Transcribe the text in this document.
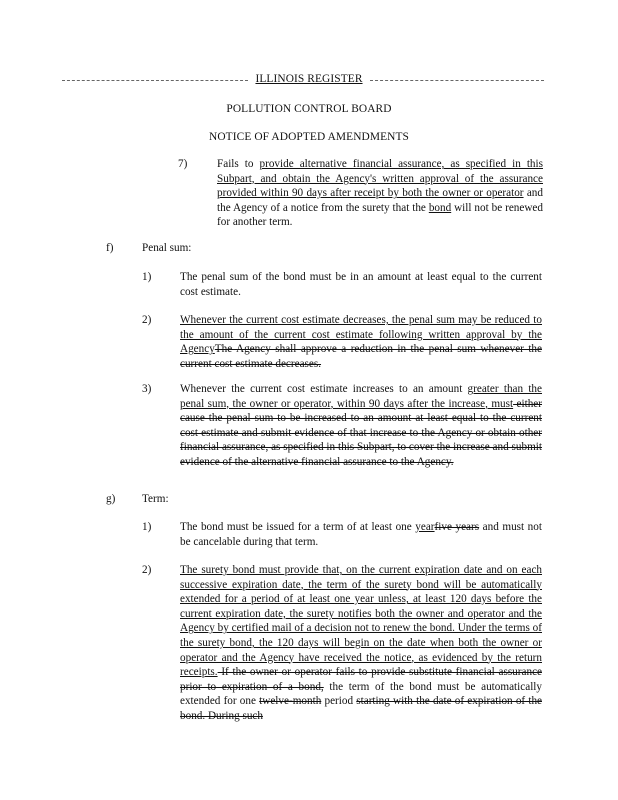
ILLINOIS REGISTER
POLLUTION CONTROL BOARD
NOTICE OF ADOPTED AMENDMENTS
7)	Fails to provide alternative financial assurance, as specified in this Subpart, and obtain the Agency's written approval of the assurance provided within 90 days after receipt by both the owner or operator and the Agency of a notice from the surety that the bond will not be renewed for another term.
f)	Penal sum:
1)	The penal sum of the bond must be in an amount at least equal to the current cost estimate.
2)	Whenever the current cost estimate decreases, the penal sum may be reduced to the amount of the current cost estimate following written approval by the AgencyThe Agency shall approve a reduction in the penal sum whenever the current cost estimate decreases.
3)	Whenever the current cost estimate increases to an amount greater than the penal sum, the owner or operator, within 90 days after the increase, must either cause the penal sum to be increased to an amount at least equal to the current cost estimate and submit evidence of that increase to the Agency or obtain other financial assurance, as specified in this Subpart, to cover the increase and submit evidence of the alternative financial assurance to the Agency.
g) Term:
1)	The bond must be issued for a term of at least one yearfive years and must not be cancelable during that term.
2)	The surety bond must provide that, on the current expiration date and on each successive expiration date, the term of the surety bond will be automatically extended for a period of at least one year unless, at least 120 days before the current expiration date, the surety notifies both the owner and operator and the Agency by certified mail of a decision not to renew the bond. Under the terms of the surety bond, the 120 days will begin on the date when both the owner or operator and the Agency have received the notice, as evidenced by the return receipts. If the owner or operator fails to provide substitute financial assurance prior to expiration of a bond, the term of the bond must be automatically extended for one twelve-month period starting with the date of expiration of the bond. During such
